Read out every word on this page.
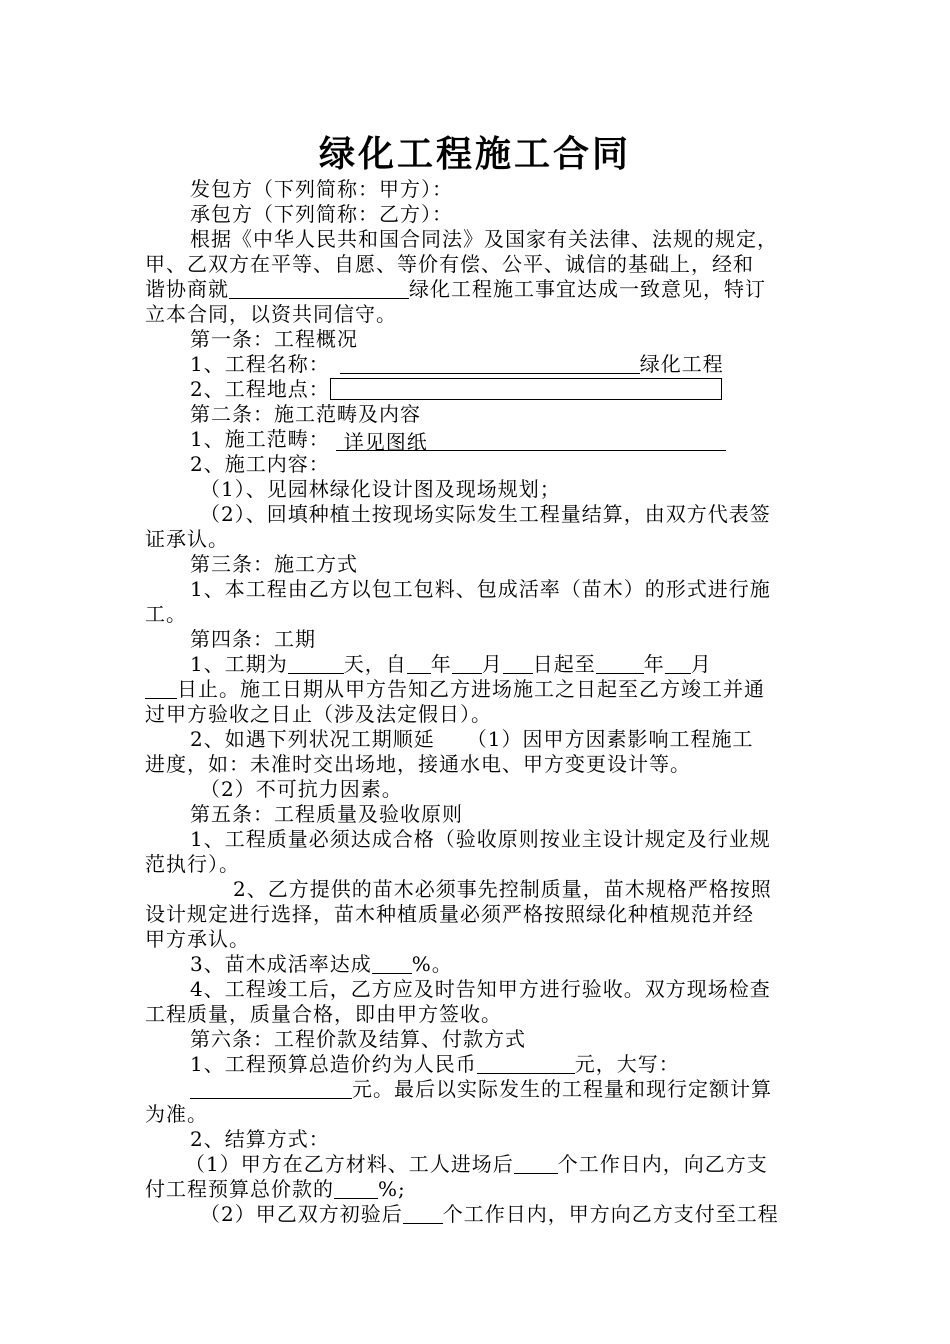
绿化工程施工合同
发包方（下列简称：甲方）：
承包方（下列简称：乙方）：
根据《中华人民共和国合同法》及国家有关法律、法规的规定，
甲、乙双方在平等、自愿、等价有偿、公平、诚信的基础上，经和
谐协商就	绿化工程施工事宜达成一致意见，特订
立本合同，以资共同信守。
第一条：工程概况
1、工程名称：	绿化工程
2、工程地点：
第二条：施工范畴及内容
1、施工范畴： 详见图纸
2、施工内容：
（1）、见园林绿化设计图及现场规划；
（2）、回填种植土按现场实际发生工程量结算，由双方代表签
证承认。
第三条：施工方式
1、本工程由乙方以包工包料、包成活率（苗木）的形式进行施
工。
第四条：工期
1、工期为	天，自 年 月 日起至 年 月
日止。施工日期从甲方告知乙方进场施工之日起至乙方竣工并通
过甲方验收之日止（涉及法定假日）。
2、如遇下列状况工期顺延　　（1）因甲方因素影响工程施工
进度，如：未准时交出场地，接通水电、甲方变更设计等。
（2）不可抗力因素。
第五条：工程质量及验收原则
1、工程质量必须达成合格（验收原则按业主设计规定及行业规
范执行）。
2、乙方提供的苗木必须事先控制质量，苗木规格严格按照
设计规定进行选择，苗木种植质量必须严格按照绿化种植规范并经
甲方承认。
3、苗木成活率达成 %。
4、工程竣工后，乙方应及时告知甲方进行验收。双方现场检查
工程质量，质量合格，即由甲方签收。
第六条：工程价款及结算、付款方式
1、工程预算总造价约为人民币	元，大写：
元。最后以实际发生的工程量和现行定额计算
为准。
2、结算方式：
（1）甲方在乙方材料、工人进场后 个工作日内，向乙方支
付工程预算总价款的 %;
（2）甲乙双方初验后 个工作日内，甲方向乙方支付至工程
